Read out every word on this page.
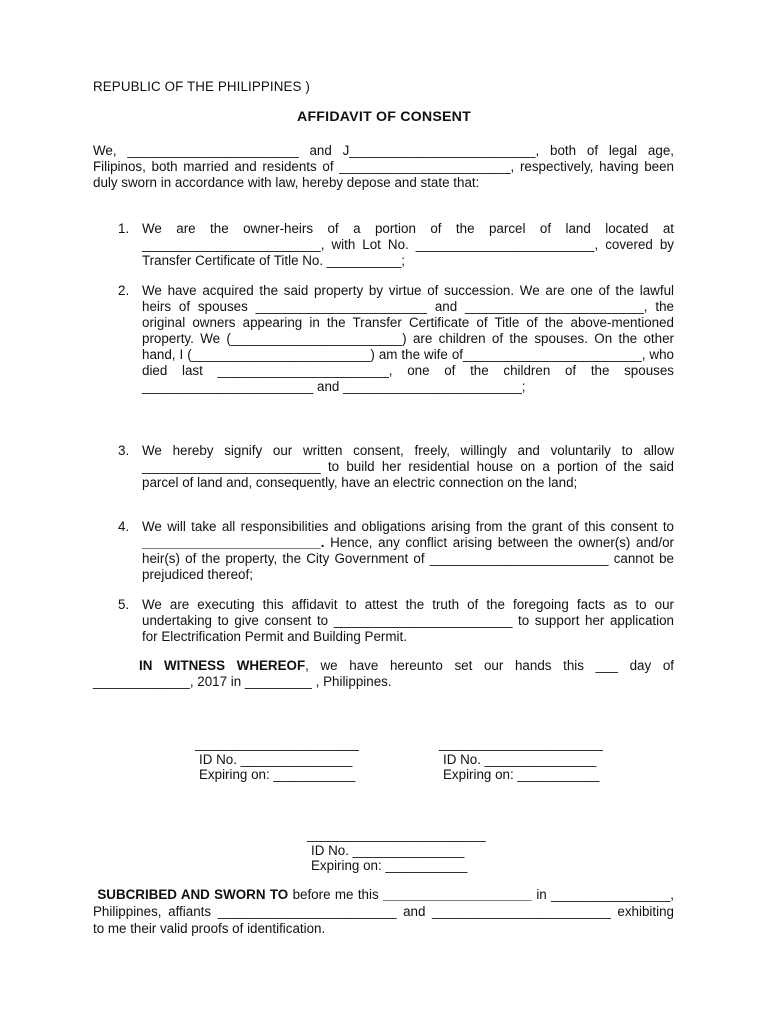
REPUBLIC OF THE PHILIPPINES )
AFFIDAVIT OF CONSENT
We, _______________________ and J_________________________, both of legal age, Filipinos, both married and residents of _______________________, respectively, having been duly sworn in accordance with law, hereby depose and state that:
1. We are the owner-heirs of a portion of the parcel of land located at ________________________, with Lot No. ________________________, covered by Transfer Certificate of Title No. __________;
2. We have acquired the said property by virtue of succession. We are one of the lawful heirs of spouses _______________________ and ________________________, the original owners appearing in the Transfer Certificate of Title of the above-mentioned property. We (_______________________) are children of the spouses. On the other hand, I (________________________) am the wife of________________________, who died last _______________________, one of the children of the spouses _______________________ and ________________________;
3. We hereby signify our written consent, freely, willingly and voluntarily to allow ________________________ to build her residential house on a portion of the said parcel of land and, consequently, have an electric connection on the land;
4. We will take all responsibilities and obligations arising from the grant of this consent to ________________________. Hence, any conflict arising between the owner(s) and/or heir(s) of the property, the City Government of ________________________ cannot be prejudiced thereof;
5. We are executing this affidavit to attest the truth of the foregoing facts as to our undertaking to give consent to ________________________ to support her application for Electrification Permit and Building Permit.
IN WITNESS WHEREOF, we have hereunto set our hands this ___ day of _____________, 2017 in _________ , Philippines.
______________________
ID No. _______________
Expiring on: ___________
______________________
ID No. _______________
Expiring on: ___________
________________________
ID No. _______________
Expiring on: ___________
SUBCRIBED AND SWORN TO before me this ____________________ in ________________, Philippines, affiants ________________________ and ________________________ exhibiting to me their valid proofs of identification.
